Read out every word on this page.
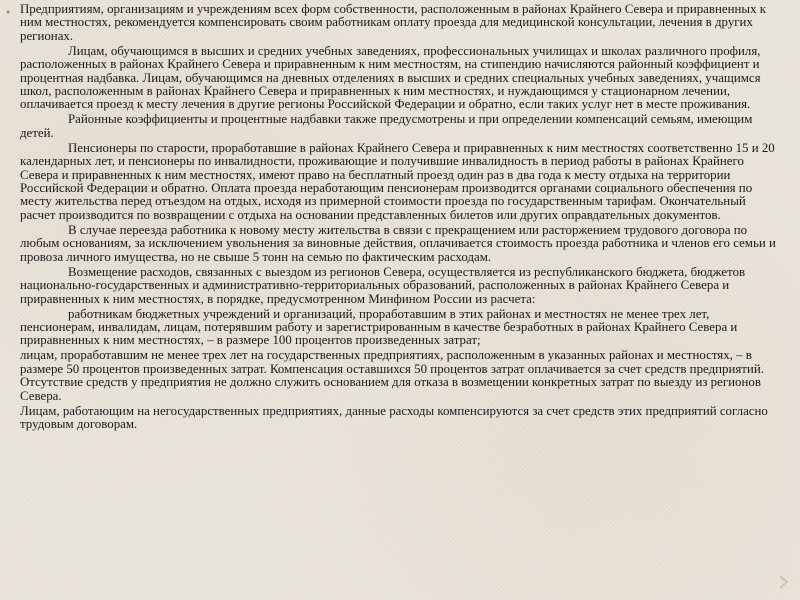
● Предприятиям, организациям и учреждениям всех форм собственности, расположенным в районах Крайнего Севера и приравненных к ним местностях, рекомендуется компенсировать своим работникам оплату проезда для медицинской консультации, лечения в других регионах.

Лицам, обучающимся в высших и средних учебных заведениях, профессиональных училищах и школах различного профиля, расположенных в районах Крайнего Севера и приравненным к ним местностям, на стипендию начисляются районный коэффициент и процентная надбавка. Лицам, обучающимся на дневных отделениях в высших и средних специальных учебных заведениях, учащимся школ, расположенным в районах Крайнего Севера и приравненных к ним местностях, и нуждающимся у стационарном лечении, оплачивается проезд к месту лечения в другие регионы Российской Федерации и обратно, если таких услуг нет в месте проживания.

Районные коэффициенты и процентные надбавки также предусмотрены и при определении компенсаций семьям, имеющим детей.

Пенсионеры по старости, проработавшие в районах Крайнего Севера и приравненных к ним местностях соответственно 15 и 20 календарных лет, и пенсионеры по инвалидности, проживающие и получившие инвалидность в период работы в районах Крайнего Севера и приравненных к ним местностях, имеют право на бесплатный проезд один раз в два года к месту отдыха на территории Российской Федерации и обратно. Оплата проезда неработающим пенсионерам производится органами социального обеспечения по месту жительства перед отъездом на отдых, исходя из примерной стоимости проезда по государственным тарифам. Окончательный расчет производится по возвращении с отдыха на основании представленных билетов или других оправдательных документов.

В случае переезда работника к новому месту жительства в связи с прекращением или расторжением трудового договора по любым основаниям, за исключением увольнения за виновные действия, оплачивается стоимость проезда работника и членов его семьи и провоза личного имущества, но не свыше 5 тонн на семью по фактическим расходам.

Возмещение расходов, связанных с выездом из регионов Севера, осуществляется из республиканского бюджета, бюджетов национально-государственных и административно-территориальных образований, расположенных в районах Крайнего Севера и приравненных к ним местностях, в порядке, предусмотренном Минфином России из расчета:

работникам бюджетных учреждений и организаций, проработавшим в этих районах и местностях не менее трех лет, пенсионерам, инвалидам, лицам, потерявшим работу и зарегистрированным в качестве безработных в районах Крайнего Севера и приравненных к ним местностях, – в размере 100 процентов произведенных затрат;

лицам, проработавшим не менее трех лет на государственных предприятиях, расположенным в указанных районах и местностях, – в размере 50 процентов произведенных затрат. Компенсация оставшихся 50 процентов затрат оплачивается за счет средств предприятий. Отсутствие средств у предприятия не должно служить основанием для отказа в возмещении конкретных затрат по выезду из регионов Севера.

Лицам, работающим на негосударственных предприятиях, данные расходы компенсируются за счет средств этих предприятий согласно трудовым договорам.
